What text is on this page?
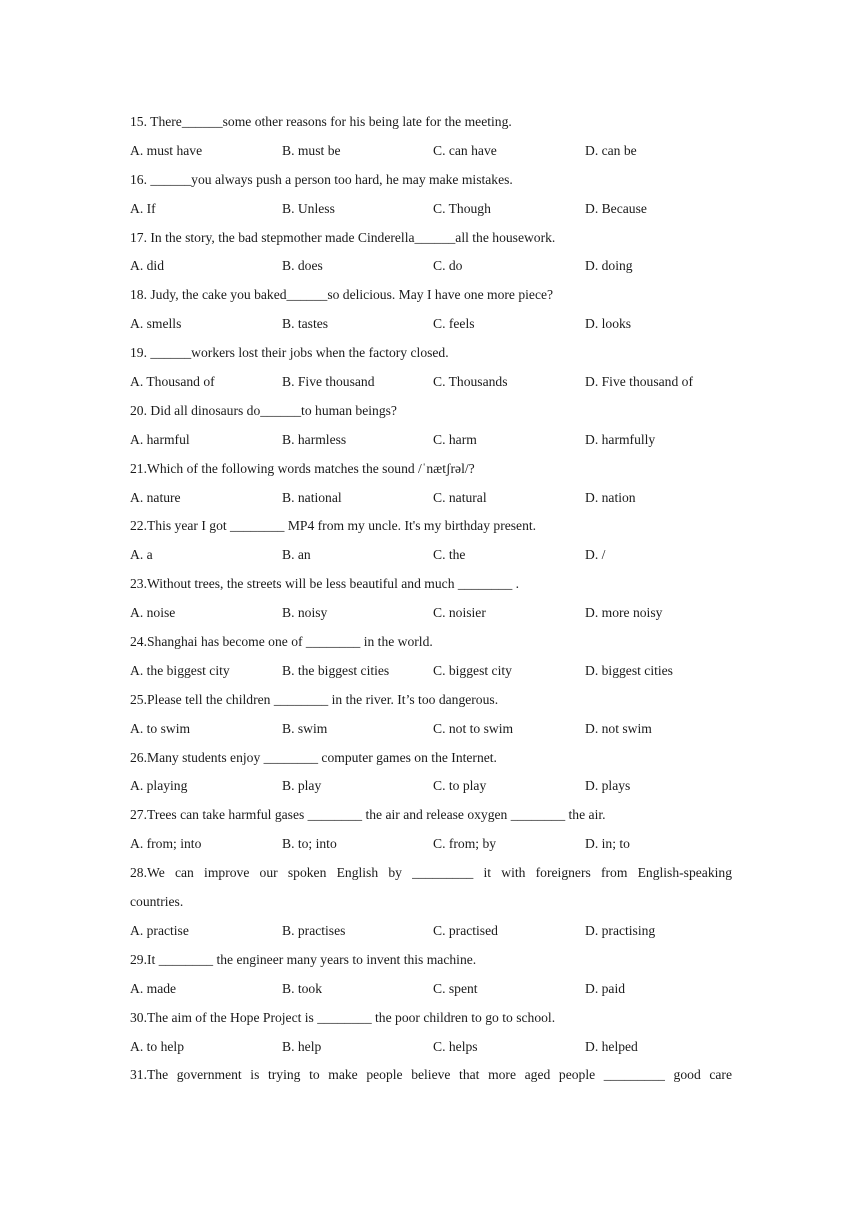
15. There______some other reasons for his being late for the meeting.
A. must have	B. must be	C. can have	D. can be
16. ______you always push a person too hard, he may make mistakes.
A. If	B. Unless	C. Though	D. Because
17. In the story, the bad stepmother made Cinderella______all the housework.
A. did	B. does	C. do	D. doing
18. Judy, the cake you baked______so delicious. May I have one more piece?
A. smells	B. tastes	C. feels	D. looks
19. ______workers lost their jobs when the factory closed.
A. Thousand of	B. Five thousand	C. Thousands	D. Five thousand of
20. Did all dinosaurs do______to human beings?
A. harmful	B. harmless	C. harm	D. harmfully
21.Which of the following words matches the sound /ˈnætʃrəl/?
A. nature	B. national	C. natural	D. nation
22.This year I got ________ MP4 from my uncle. It's my birthday present.
A. a	B. an	C. the	D. /
23.Without trees, the streets will be less beautiful and much ________ .
A. noise	B. noisy	C. noisier	D. more noisy
24.Shanghai has become one of ________ in the world.
A. the biggest city	B. the biggest cities	C. biggest city	D. biggest cities
25.Please tell the children ________ in the river. It’s too dangerous.
A. to swim	B. swim	C. not to swim	D. not swim
26.Many students enjoy ________ computer games on the Internet.
A. playing	B. play	C. to play	D. plays
27.Trees can take harmful gases ________ the air and release oxygen ________ the air.
A. from; into	B. to; into	C. from; by	D. in; to
28.We can improve our spoken English by _________ it with foreigners from English-speaking
countries.
A. practise	B. practises	C. practised	D. practising
29.It ________ the engineer many years to invent this machine.
A. made	B. took	C. spent	D. paid
30.The aim of the Hope Project is ________ the poor children to go to school.
A. to help	B. help	C. helps	D. helped
31.The government is trying to make people believe that more aged people _________ good care
